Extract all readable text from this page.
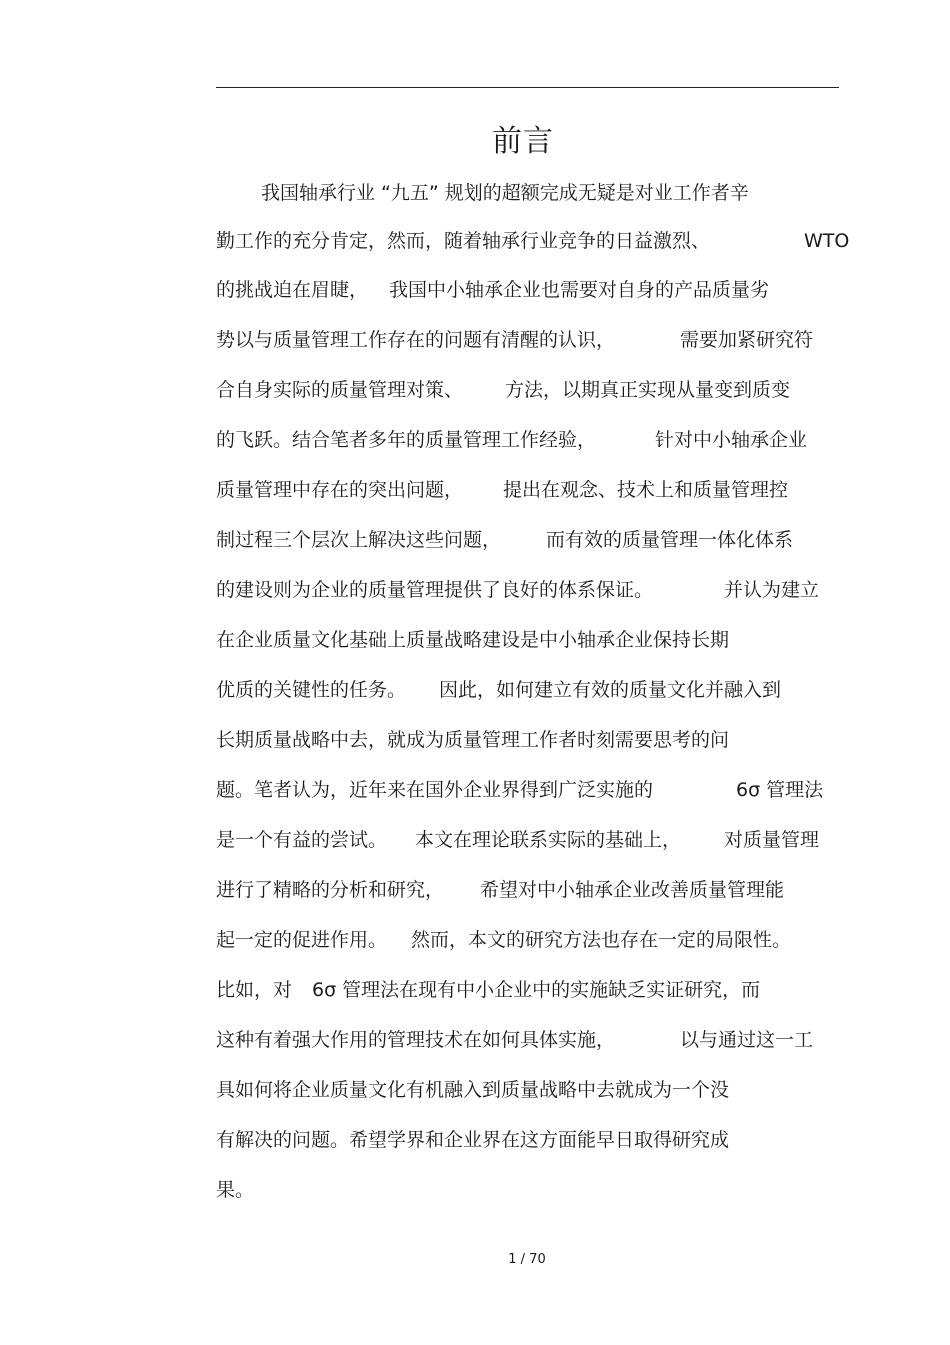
前言
我国轴承行业 “九五” 规划的超额完成无疑是对业工作者辛
勤工作的充分肯定，然而，随着轴承行业竞争的日益激烈、	WTO
的挑战迫在眉睫， 我国中小轴承企业也需要对自身的产品质量劣
势以与质量管理工作存在的问题有清醒的认识，	需要加紧研究符
合自身实际的质量管理对策、 方法，以期真正实现从量变到质变
的飞跃。结合笔者多年的质量管理工作经验，	针对中小轴承企业
质量管理中存在的突出问题， 提出在观念、技术上和质量管理控
制过程三个层次上解决这些问题， 而有效的质量管理一体化体系
的建设则为企业的质量管理提供了良好的体系保证。	并认为建立
在企业质量文化基础上质量战略建设是中小轴承企业保持长期
优质的关键性的任务。 因此，如何建立有效的质量文化并融入到
长期质量战略中去，就成为质量管理工作者时刻需要思考的问
题。笔者认为，近年来在国外企业界得到广泛实施的	6σ 管理法
是一个有益的尝试。 本文在理论联系实际的基础上， 对质量管理
进行了精略的分析和研究， 希望对中小轴承企业改善质量管理能
起一定的促进作用。 然而，本文的研究方法也存在一定的局限性。
比如，对 6σ 管理法在现有中小企业中的实施缺乏实证研究，而
这种有着强大作用的管理技术在如何具体实施，	以与通过这一工
具如何将企业质量文化有机融入到质量战略中去就成为一个没
有解决的问题。希望学界和企业界在这方面能早日取得研究成
果。
1 / 70
